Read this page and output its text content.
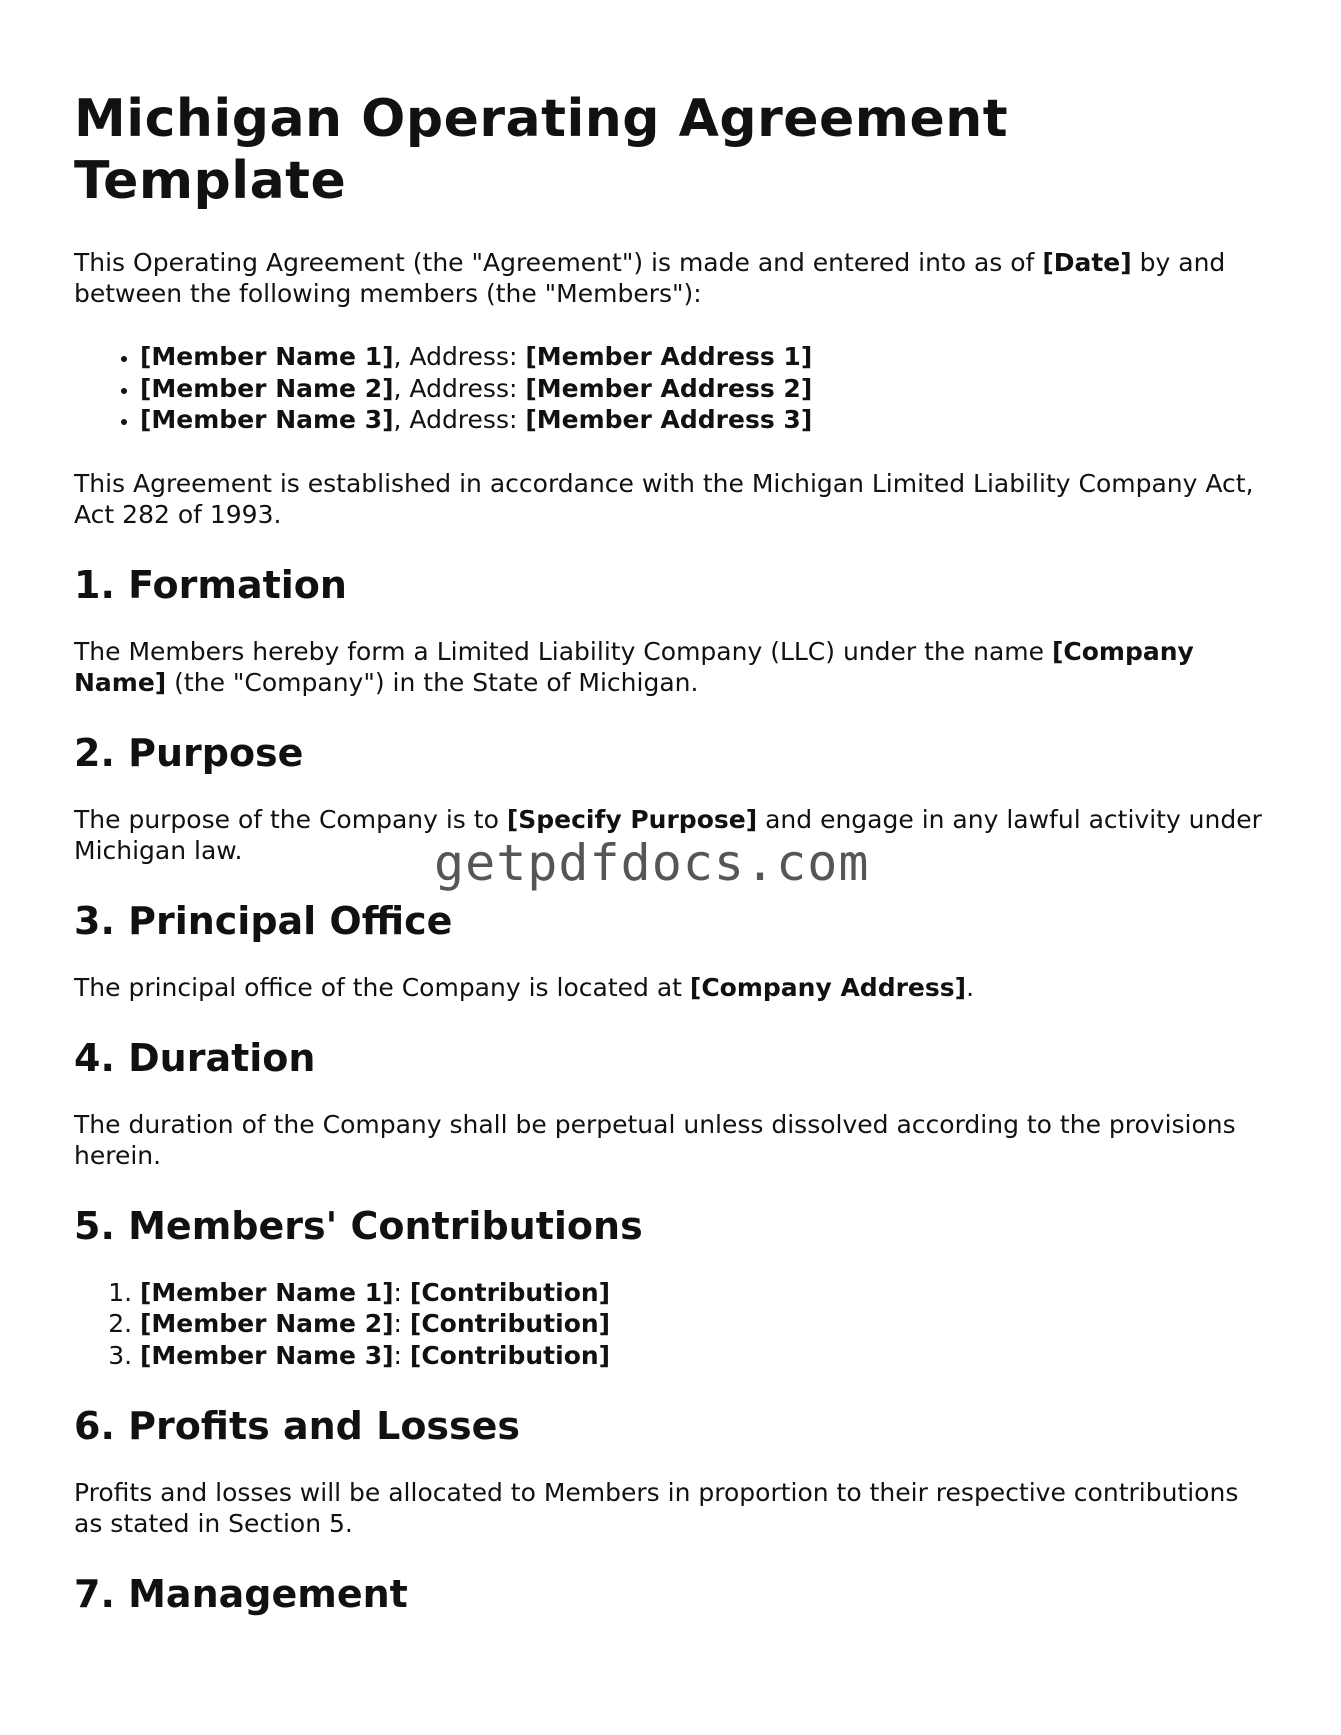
Michigan Operating Agreement Template

This Operating Agreement (the "Agreement") is made and entered into as of [Date] by and between the following members (the "Members"):

• [Member Name 1], Address: [Member Address 1]
• [Member Name 2], Address: [Member Address 2]
• [Member Name 3], Address: [Member Address 3]

This Agreement is established in accordance with the Michigan Limited Liability Company Act, Act 282 of 1993.

1. Formation

The Members hereby form a Limited Liability Company (LLC) under the name [Company Name] (the "Company") in the State of Michigan.

2. Purpose

The purpose of the Company is to [Specify Purpose] and engage in any lawful activity under Michigan law.

3. Principal Office

The principal office of the Company is located at [Company Address].

4. Duration

The duration of the Company shall be perpetual unless dissolved according to the provisions herein.

5. Members' Contributions
1. [Member Name 1]: [Contribution]
2. [Member Name 2]: [Contribution]
3. [Member Name 3]: [Contribution]
6. Profits and Losses

Profits and losses will be allocated to Members in proportion to their respective contributions as stated in Section 5.

7. Management
getpdfdocs.com
